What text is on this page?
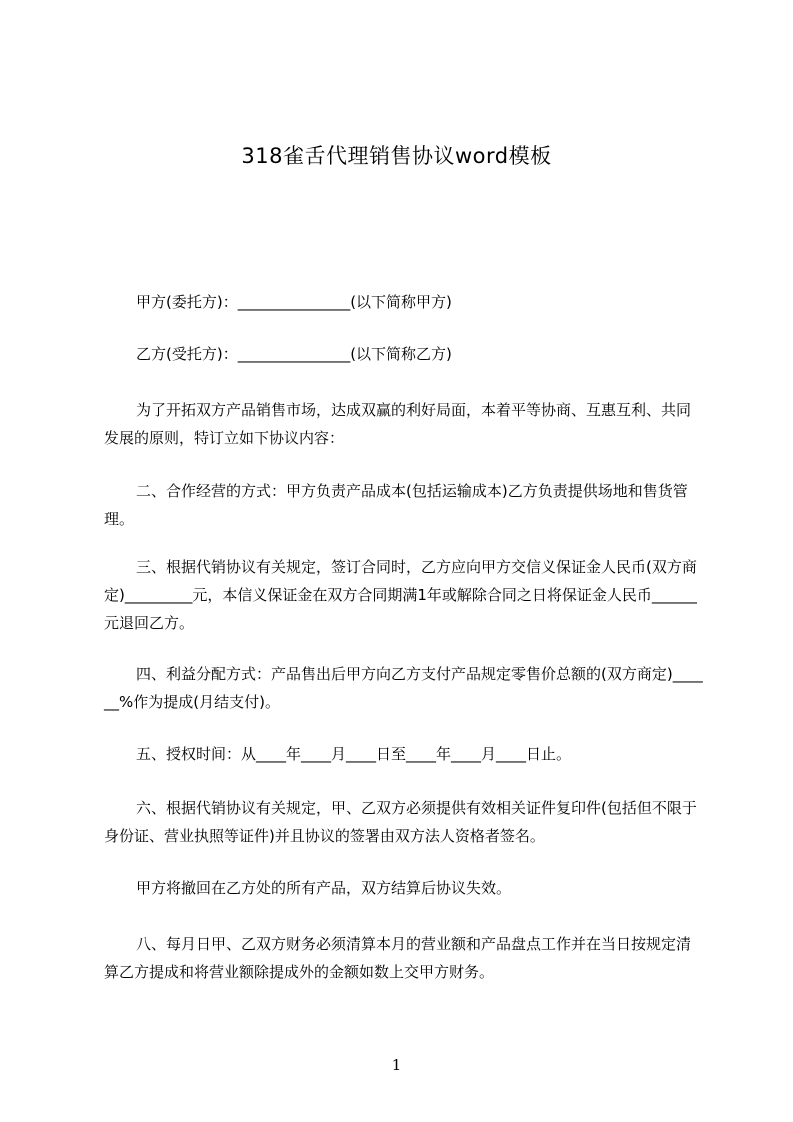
318雀舌代理销售协议word模板
甲方(委托方)：_______________(以下简称甲方)
乙方(受托方)：_______________(以下简称乙方)
为了开拓双方产品销售市场，达成双赢的利好局面，本着平等协商、互惠互利、共同发展的原则，特订立如下协议内容：
二、合作经营的方式：甲方负责产品成本(包括运输成本)乙方负责提供场地和售货管理。
三、根据代销协议有关规定，签订合同时，乙方应向甲方交信义保证金人民币(双方商定)_________元，本信义保证金在双方合同期满1年或解除合同之日将保证金人民币______元退回乙方。
四、利益分配方式：产品售出后甲方向乙方支付产品规定零售价总额的(双方商定)______%作为提成(月结支付)。
五、授权时间：从____年____月____日至____年____月____日止。
六、根据代销协议有关规定，甲、乙双方必须提供有效相关证件复印件(包括但不限于身份证、营业执照等证件)并且协议的签署由双方法人资格者签名。
甲方将撤回在乙方处的所有产品，双方结算后协议失效。
八、每月日甲、乙双方财务必须清算本月的营业额和产品盘点工作并在当日按规定清算乙方提成和将营业额除提成外的金额如数上交甲方财务。
1
